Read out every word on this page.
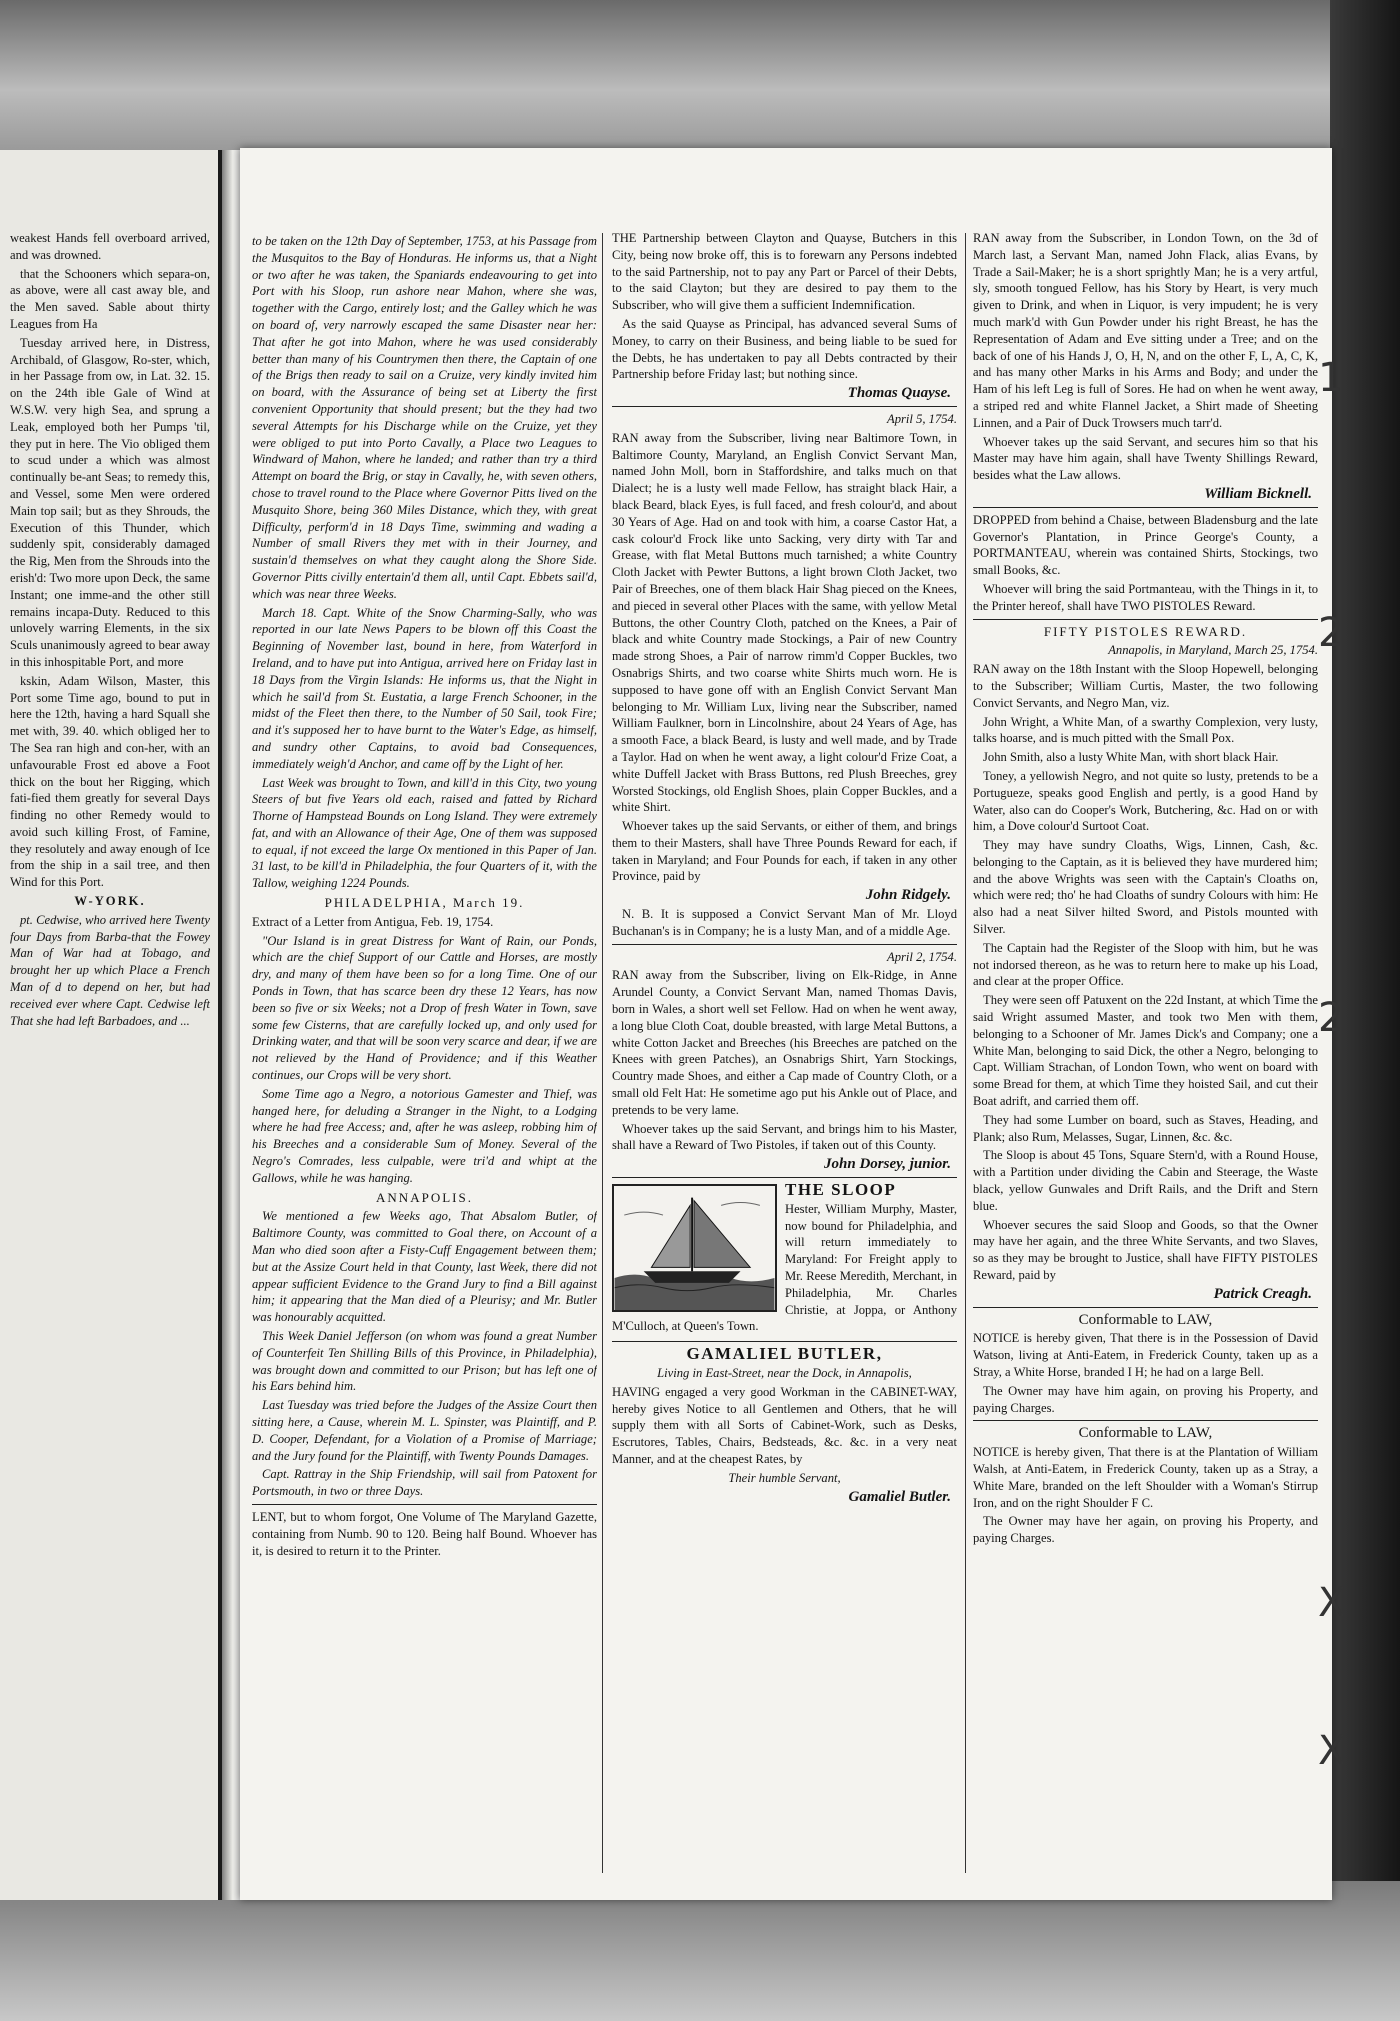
weakest Hands fell overboard arrived, and was drowned.

that the Schooners which separa-on, as above, were all cast away ble, and the Men saved. Sable about thirty Leagues from Ha

Tuesday arrived here, in Distress, Archibald, of Glasgow, Ro-ster, which, in her Passage from ow, in Lat. 32. 15. on the 24th ible Gale of Wind at W.S.W. very high Sea, and sprung a Leak, employed both her Pumps 'til, they put in here. The Vio obliged them to scud under a which was almost continually be-ant Seas; to remedy this, and Vessel, some Men were ordered Main top sail; but as they Shrouds, the Execution of this Thunder, which suddenly spit, considerably damaged the Rig, Men from the Shrouds into the erish'd: Two more upon Deck, the same Instant; one imme-and the other still remains incapa-Duty. Reduced to this unlovely warring Elements, in the six Sculs unanimously agreed to bear away in this inhospitable Port, and more

kskin, Adam Wilson, Master, this Port some Time ago, bound to put in here the 12th, having a hard Squall she met with, 39. 40. which obliged her to The Sea ran high and con-her, with an unfavourable Frost ed above a Foot thick on the bout her Rigging, which fati-fied them greatly for several Days finding no other Remedy would to avoid such killing Frost, of Famine, they resolutely and away enough of Ice from the ship in a sail tree, and then Wind for this Port.

W-YORK.

pt. Cedwise, who arrived here Twenty four Days from Barba-that the Fowey Man of War had at Tobago, and brought her up which Place a French Man of d to depend on her, but had received ever where Capt. Cedwise left That she had left Barbadoes, and ...

to be taken on the 12th Day of September, 1753, at his Passage from the Musquitos to the Bay of Honduras. He informs us, that a Night or two after he was taken, the Spaniards endeavouring to get into Port with his Sloop, run ashore near Mahon, where she was, together with the Cargo, entirely lost; and the Galley which he was on board of, very narrowly escaped the same Disaster near her: That after he got into Mahon, where he was used considerably better than many of his Countrymen then there, the Captain of one of the Brigs then ready to sail on a Cruize, very kindly invited him on board, with the Assurance of being set at Liberty the first convenient Opportunity that should present; but the they had two several Attempts for his Discharge while on the Cruize, yet they were obliged to put into Porto Cavally, a Place two Leagues to Windward of Mahon, where he landed; and rather than try a third Attempt on board the Brig, or stay in Cavally, he, with seven others, chose to travel round to the Place where Governor Pitts lived on the Musquito Shore, being 360 Miles Distance, which they, with great Difficulty, perform'd in 18 Days Time, swimming and wading a Number of small Rivers they met with in their Journey, and sustain'd themselves on what they caught along the Shore Side. Governor Pitts civilly entertain'd them all, until Capt. Ebbets sail'd, which was near three Weeks.

March 18. Capt. White of the Snow Charming-Sally, who was reported in our late News Papers to be blown off this Coast the Beginning of November last, bound in here, from Waterford in Ireland, and to have put into Antigua, arrived here on Friday last in 18 Days from the Virgin Islands: He informs us, that the Night in which he sail'd from St. Eustatia, a large French Schooner, in the midst of the Fleet then there, to the Number of 50 Sail, took Fire; and it's supposed her to have burnt to the Water's Edge, as himself, and sundry other Captains, to avoid bad Consequences, immediately weigh'd Anchor, and came off by the Light of her.

Last Week was brought to Town, and kill'd in this City, two young Steers of but five Years old each, raised and fatted by Richard Thorne of Hampstead Bounds on Long Island. They were extremely fat, and with an Allowance of their Age, One of them was supposed to equal, if not exceed the large Ox mentioned in this Paper of Jan. 31 last, to be kill'd in Philadelphia, the four Quarters of it, with the Tallow, weighing 1224 Pounds.

PHILADELPHIA, March 19.

Extract of a Letter from Antigua, Feb. 19, 1754.

"Our Island is in great Distress for Want of Rain, our Ponds, which are the chief Support of our Cattle and Horses, are mostly dry, and many of them have been so for a long Time. One of our Ponds in Town, that has scarce been dry these 12 Years, has now been so five or six Weeks; not a Drop of fresh Water in Town, save some few Cisterns, that are carefully locked up, and only used for Drinking water, and that will be soon very scarce and dear, if we are not relieved by the Hand of Providence; and if this Weather continues, our Crops will be very short.

Some Time ago a Negro, a notorious Gamester and Thief, was hanged here, for deluding a Stranger in the Night, to a Lodging where he had free Access; and, after he was asleep, robbing him of his Breeches and a considerable Sum of Money. Several of the Negro's Comrades, less culpable, were tri'd and whipt at the Gallows, while he was hanging.

ANNAPOLIS.

We mentioned a few Weeks ago, That Absalom Butler, of Baltimore County, was committed to Goal there, on Account of a Man who died soon after a Fisty-Cuff Engagement between them; but at the Assize Court held in that County, last Week, there did not appear sufficient Evidence to the Grand Jury to find a Bill against him; it appearing that the Man died of a Pleurisy; and Mr. Butler was honourably acquitted.

This Week Daniel Jefferson (on whom was found a great Number of Counterfeit Ten Shilling Bills of this Province, in Philadelphia), was brought down and committed to our Prison; but has left one of his Ears behind him.

Last Tuesday was tried before the Judges of the Assize Court then sitting here, a Cause, wherein M. L. Spinster, was Plaintiff, and P. D. Cooper, Defendant, for a Violation of a Promise of Marriage; and the Jury found for the Plaintiff, with Twenty Pounds Damages.

Capt. Rattray in the Ship Friendship, will sail from Patoxent for Portsmouth, in two or three Days.

LENT, but to whom forgot, One Volume of The Maryland Gazette, containing from Numb. 90 to 120. Being half Bound. Whoever has it, is desired to return it to the Printer.

THE Partnership between Clayton and Quayse, Butchers in this City, being now broke off, this is to forewarn any Persons indebted to the said Partnership, not to pay any Part or Parcel of their Debts, to the said Clayton; but they are desired to pay them to the Subscriber, who will give them a sufficient Indemnification.

As the said Quayse as Principal, has advanced several Sums of Money, to carry on their Business, and being liable to be sued for the Debts, he has undertaken to pay all Debts contracted by their Partnership before Friday last; but nothing since.

Thomas Quayse.

April 5, 1754.

RAN away from the Subscriber, living near Baltimore Town, in Baltimore County, Maryland, an English Convict Servant Man, named John Moll, born in Staffordshire, and talks much on that Dialect; he is a lusty well made Fellow, has straight black Hair, a black Beard, black Eyes, is full faced, and fresh colour'd, and about 30 Years of Age. Had on and took with him, a coarse Castor Hat, a cask colour'd Frock like unto Sacking, very dirty with Tar and Grease, with flat Metal Buttons much tarnished; a white Country Cloth Jacket with Pewter Buttons, a light brown Cloth Jacket, two Pair of Breeches, one of them black Hair Shag pieced on the Knees, and pieced in several other Places with the same, with yellow Metal Buttons, the other Country Cloth, patched on the Knees, a Pair of black and white Country made Stockings, a Pair of new Country made strong Shoes, a Pair of narrow rimm'd Copper Buckles, two Osnabrigs Shirts, and two coarse white Shirts much worn. He is supposed to have gone off with an English Convict Servant Man belonging to Mr. William Lux, living near the Subscriber, named William Faulkner, born in Lincolnshire, about 24 Years of Age, has a smooth Face, a black Beard, is lusty and well made, and by Trade a Taylor. Had on when he went away, a light colour'd Frize Coat, a white Duffell Jacket with Brass Buttons, red Plush Breeches, grey Worsted Stockings, old English Shoes, plain Copper Buckles, and a white Shirt.

Whoever takes up the said Servants, or either of them, and brings them to their Masters, shall have Three Pounds Reward for each, if taken in Maryland; and Four Pounds for each, if taken in any other Province, paid by

John Ridgely.

N. B. It is supposed a Convict Servant Man of Mr. Lloyd Buchanan's is in Company; he is a lusty Man, and of a middle Age.

April 2, 1754.

RAN away from the Subscriber, living on Elk-Ridge, in Anne Arundel County, a Convict Servant Man, named Thomas Davis, born in Wales, a short well set Fellow. Had on when he went away, a long blue Cloth Coat, double breasted, with large Metal Buttons, a white Cotton Jacket and Breeches (his Breeches are patched on the Knees with green Patches), an Osnabrigs Shirt, Yarn Stockings, Country made Shoes, and either a Cap made of Country Cloth, or a small old Felt Hat: He sometime ago put his Ankle out of Place, and pretends to be very lame.

Whoever takes up the said Servant, and brings him to his Master, shall have a Reward of Two Pistoles, if taken out of this County.

John Dorsey, junior.

THE SLOOP

Hester, William Murphy, Master, now bound for Philadelphia, and will return immediately to Maryland: For Freight apply to Mr. Reese Meredith, Merchant, in Philadelphia, Mr. Charles Christie, at Joppa, or Anthony M'Culloch, at Queen's Town.

GAMALIEL BUTLER,

Living in East-Street, near the Dock, in Annapolis,

HAVING engaged a very good Workman in the CABINET-WAY, hereby gives Notice to all Gentlemen and Others, that he will supply them with all Sorts of Cabinet-Work, such as Desks, Escrutores, Tables, Chairs, Bedsteads, &c. &c. in a very neat Manner, and at the cheapest Rates, by

Their humble Servant,

Gamaliel Butler.

RAN away from the Subscriber, in London Town, on the 3d of March last, a Servant Man, named John Flack, alias Evans, by Trade a Sail-Maker; he is a short sprightly Man; he is a very artful, sly, smooth tongued Fellow, has his Story by Heart, is very much given to Drink, and when in Liquor, is very impudent; he is very much mark'd with Gun Powder under his right Breast, he has the Representation of Adam and Eve sitting under a Tree; and on the back of one of his Hands J, O, H, N, and on the other F, L, A, C, K, and has many other Marks in his Arms and Body; and under the Ham of his left Leg is full of Sores. He had on when he went away, a striped red and white Flannel Jacket, a Shirt made of Sheeting Linnen, and a Pair of Duck Trowsers much tarr'd.

Whoever takes up the said Servant, and secures him so that his Master may have him again, shall have Twenty Shillings Reward, besides what the Law allows.

William Bicknell.

DROPPED from behind a Chaise, between Bladensburg and the late Governor's Plantation, in Prince George's County, a PORTMANTEAU, wherein was contained Shirts, Stockings, two small Books, &c.

Whoever will bring the said Portmanteau, with the Things in it, to the Printer hereof, shall have TWO PISTOLES Reward.

FIFTY PISTOLES REWARD.

Annapolis, in Maryland, March 25, 1754.

RAN away on the 18th Instant with the Sloop Hopewell, belonging to the Subscriber; William Curtis, Master, the two following Convict Servants, and Negro Man, viz.

John Wright, a White Man, of a swarthy Complexion, very lusty, talks hoarse, and is much pitted with the Small Pox.

John Smith, also a lusty White Man, with short black Hair.

Toney, a yellowish Negro, and not quite so lusty, pretends to be a Portugueze, speaks good English and pertly, is a good Hand by Water, also can do Cooper's Work, Butchering, &c. Had on or with him, a Dove colour'd Surtoot Coat.

They may have sundry Cloaths, Wigs, Linnen, Cash, &c. belonging to the Captain, as it is believed they have murdered him; and the above Wrights was seen with the Captain's Cloaths on, which were red; tho' he had Cloaths of sundry Colours with him: He also had a neat Silver hilted Sword, and Pistols mounted with Silver.

The Captain had the Register of the Sloop with him, but he was not indorsed thereon, as he was to return here to make up his Load, and clear at the proper Office.

They were seen off Patuxent on the 22d Instant, at which Time the said Wright assumed Master, and took two Men with them, belonging to a Schooner of Mr. James Dick's and Company; one a White Man, belonging to said Dick, the other a Negro, belonging to Capt. William Strachan, of London Town, who went on board with some Bread for them, at which Time they hoisted Sail, and cut their Boat adrift, and carried them off.

They had some Lumber on board, such as Staves, Heading, and Plank; also Rum, Melasses, Sugar, Linnen, &c. &c.

The Sloop is about 45 Tons, Square Stern'd, with a Round House, with a Partition under dividing the Cabin and Steerage, the Waste black, yellow Gunwales and Drift Rails, and the Drift and Stern blue.

Whoever secures the said Sloop and Goods, so that the Owner may have her again, and the three White Servants, and two Slaves, so as they may be brought to Justice, shall have FIFTY PISTOLES Reward, paid by

Patrick Creagh.

Conformable to LAW,

NOTICE is hereby given, That there is in the Possession of David Watson, living at Anti-Eatem, in Frederick County, taken up as a Stray, a White Horse, branded I H; he had on a large Bell.

The Owner may have him again, on proving his Property, and paying Charges.

Conformable to LAW,

NOTICE is hereby given, That there is at the Plantation of William Walsh, at Anti-Eatem, in Frederick County, taken up as a Stray, a White Mare, branded on the left Shoulder with a Woman's Stirrup Iron, and on the right Shoulder F C.

The Owner may have her again, on proving his Property, and paying Charges.

1
2
2
X
X
